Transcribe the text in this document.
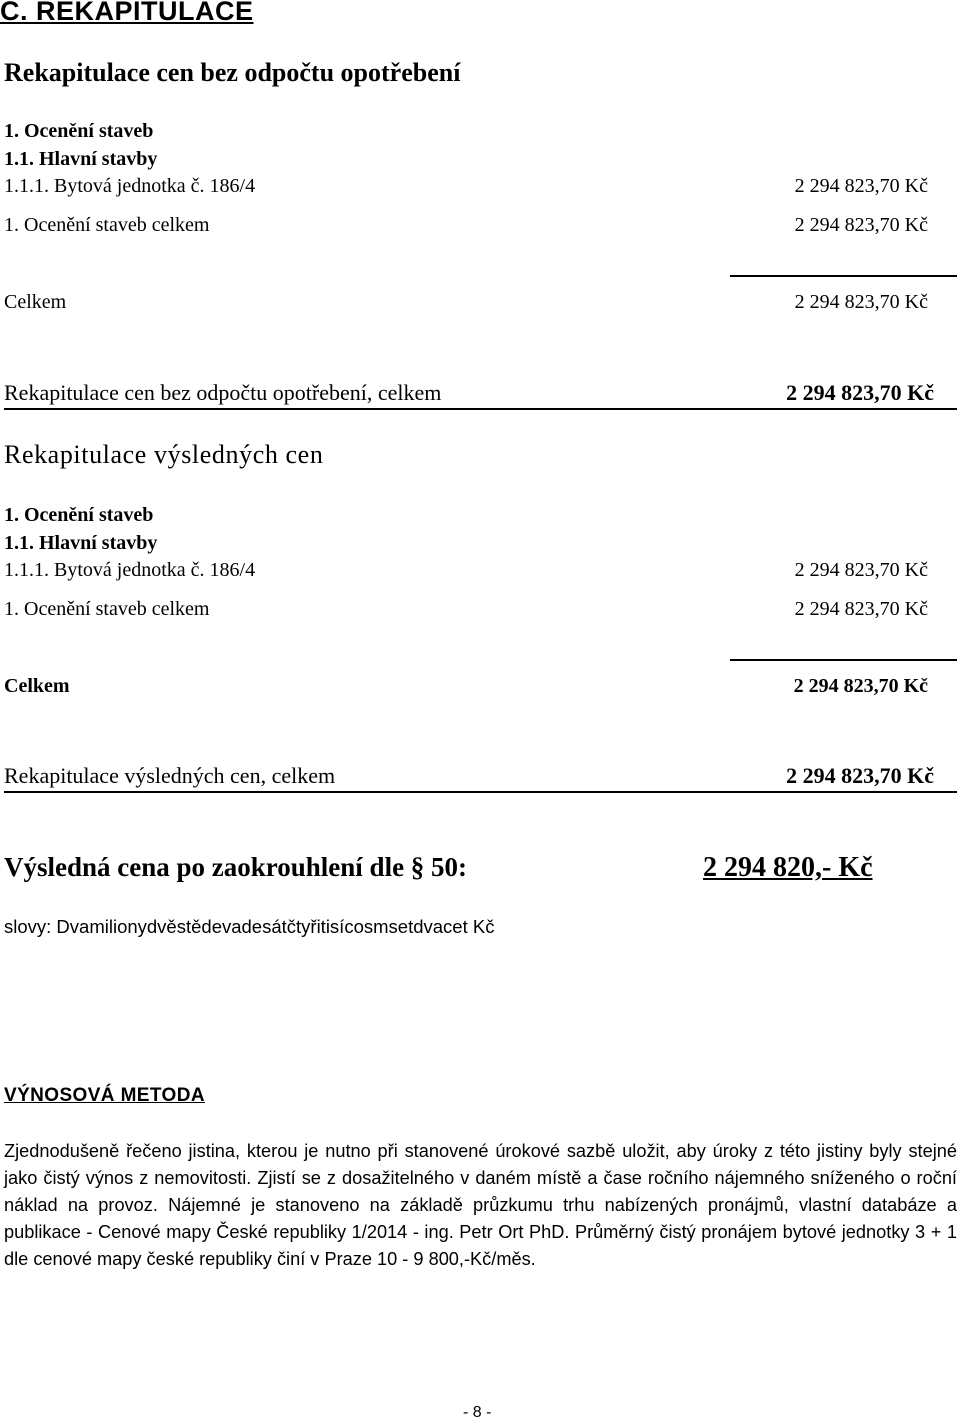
C. REKAPITULACE
Rekapitulace cen bez odpočtu opotřebení
1. Ocenění staveb
1.1. Hlavní stavby
1.1.1. Bytová jednotka č. 186/4	2 294 823,70 Kč
1. Ocenění staveb celkem	2 294 823,70 Kč
Celkem	2 294 823,70 Kč
Rekapitulace cen bez odpočtu opotřebení, celkem	2 294 823,70 Kč
Rekapitulace výsledných cen
1. Ocenění staveb
1.1. Hlavní stavby
1.1.1. Bytová jednotka č. 186/4	2 294 823,70 Kč
1. Ocenění staveb celkem	2 294 823,70 Kč
Celkem	2 294 823,70 Kč
Rekapitulace výsledných cen, celkem	2 294 823,70 Kč
Výsledná cena po zaokrouhlení dle § 50:	2 294 820,- Kč
slovy: Dvamilionydvěstědevadesátčtyřitisícosmsetdvacet Kč
VÝNOSOVÁ METODA
Zjednodušeně řečeno jistina, kterou je nutno při stanovené úrokové sazbě uložit, aby úroky z této jistiny byly stejné jako čistý výnos z nemovitosti. Zjistí se z dosažitelného v daném místě a čase ročního nájemného sníženého o roční náklad na provoz. Nájemné je stanoveno na základě průzkumu trhu nabízených pronájmů, vlastní databáze a publikace - Cenové mapy České republiky 1/2014 - ing. Petr Ort PhD. Průměrný čistý pronájem bytové jednotky 3 + 1 dle cenové mapy české republiky činí v Praze 10 - 9 800,-Kč/měs.
- 8 -
